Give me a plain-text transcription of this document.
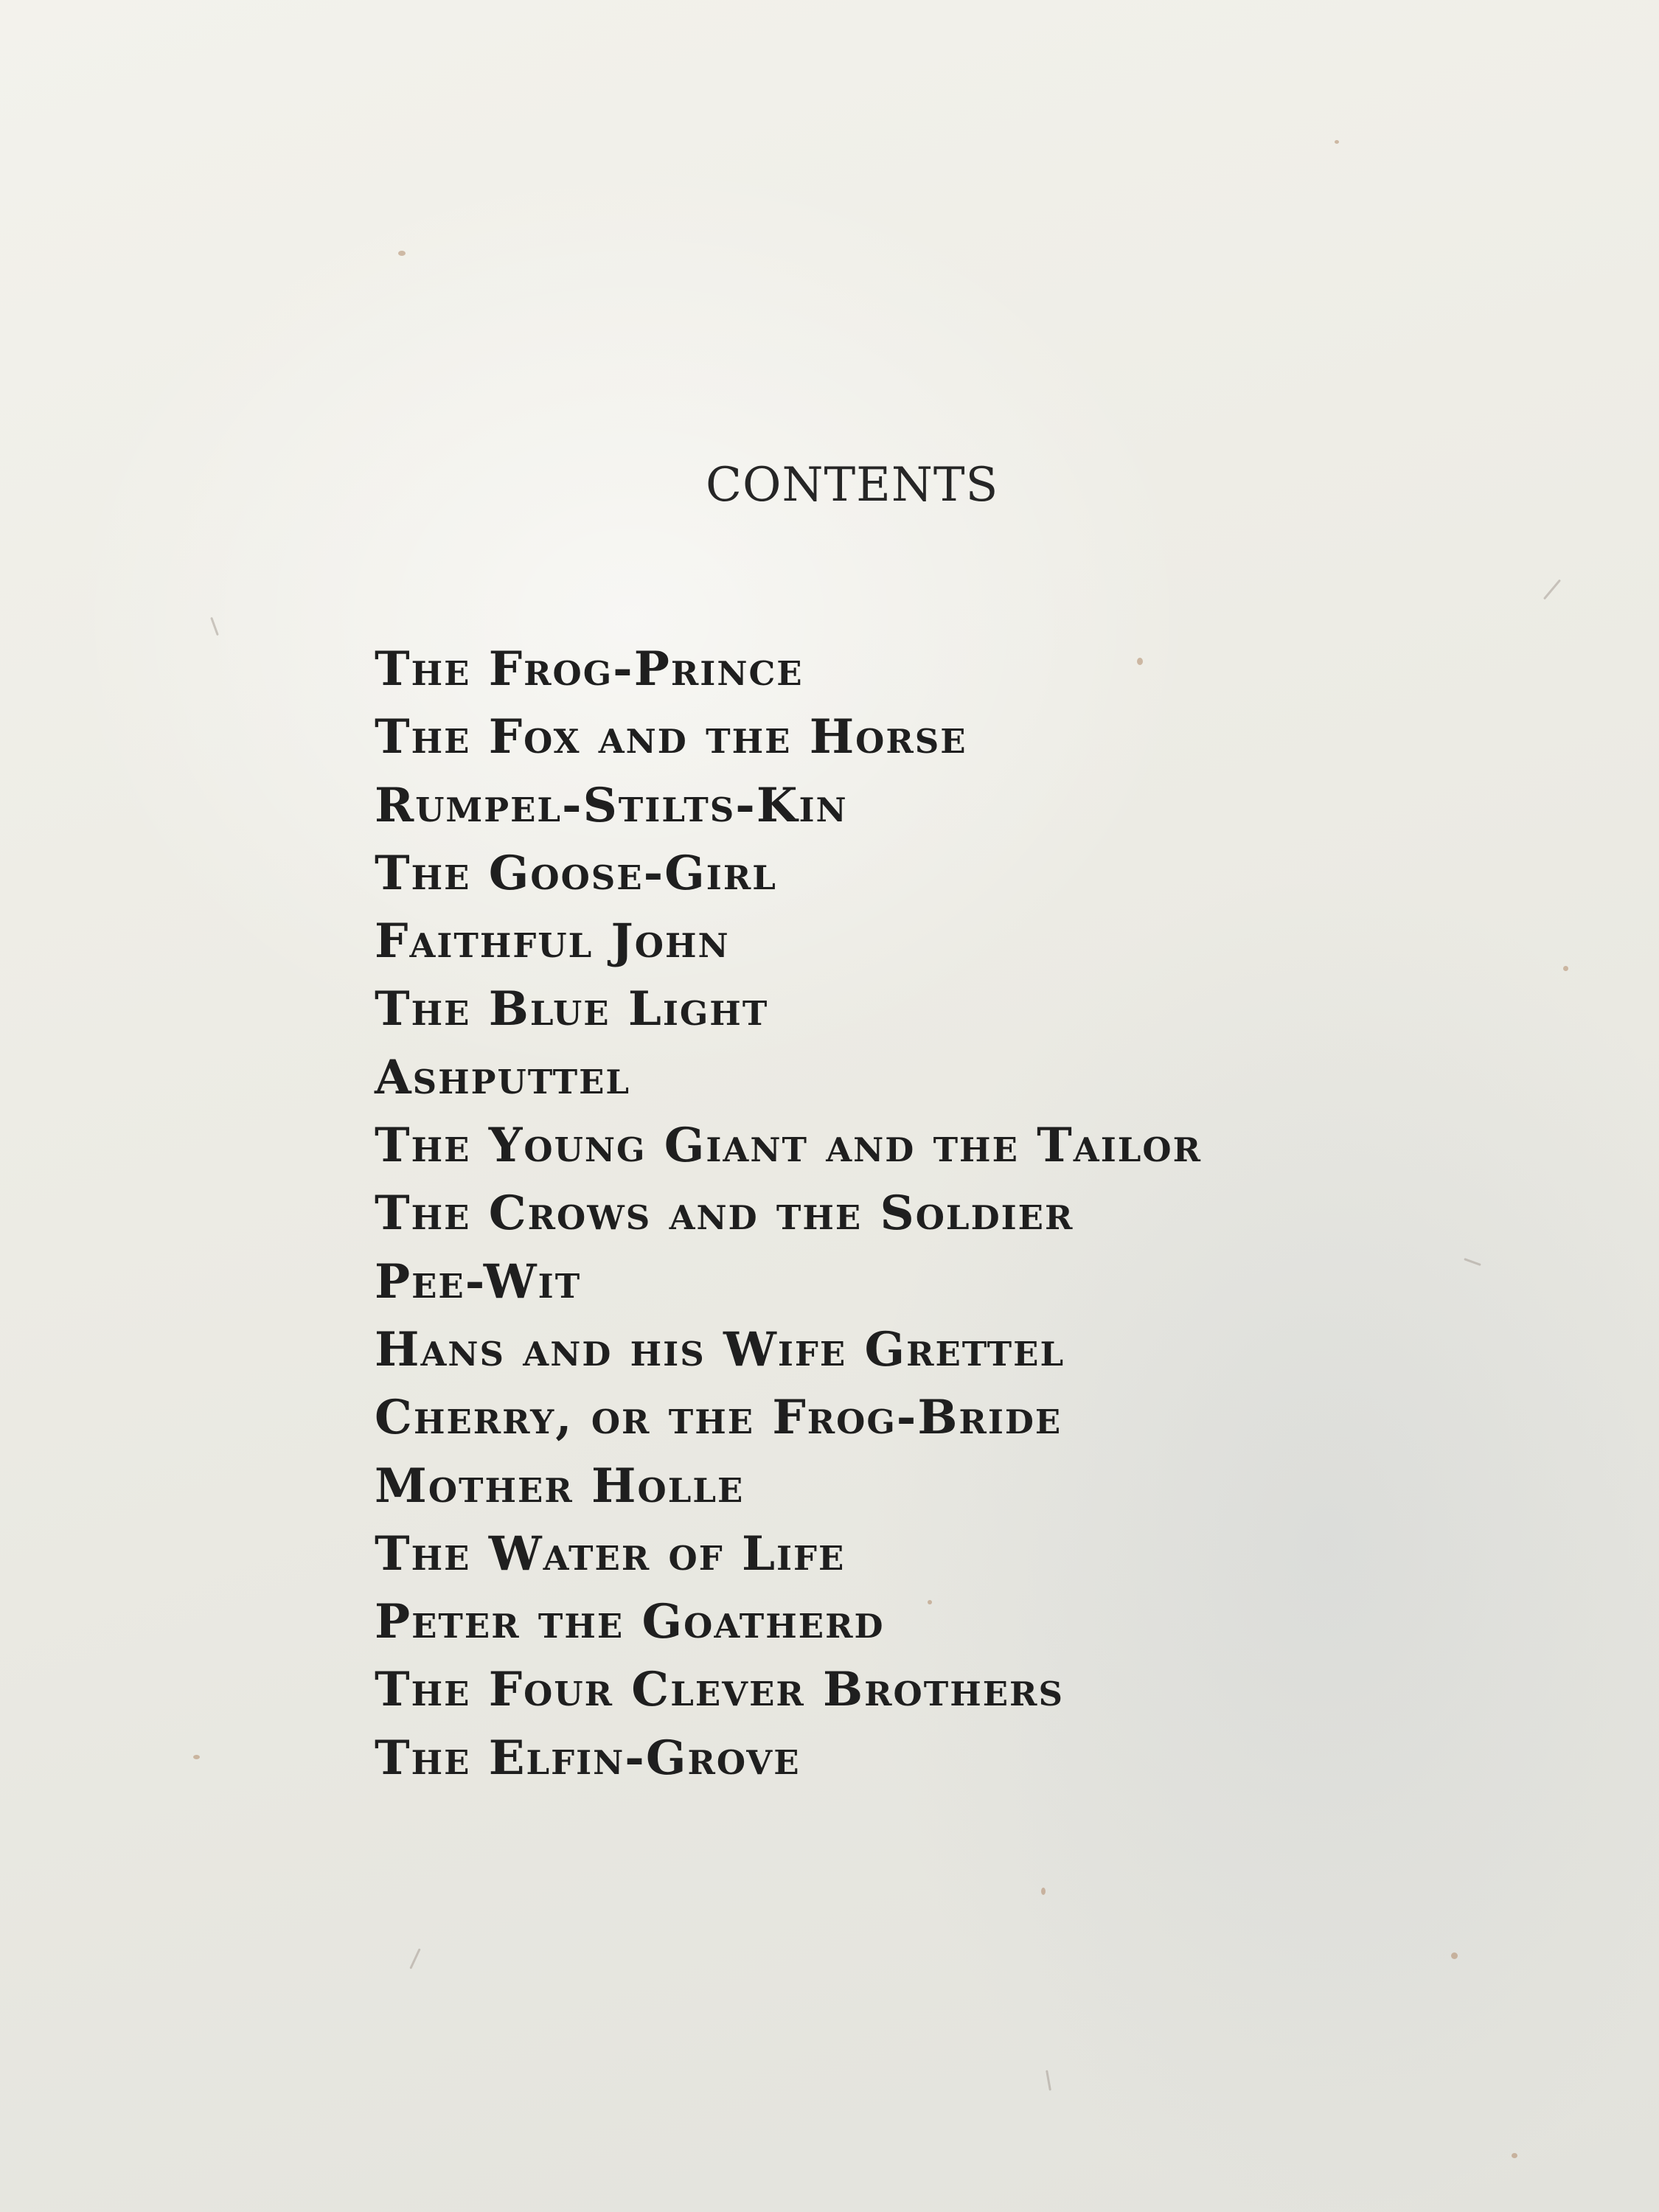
CONTENTS
The Frog-Prince
The Fox and the Horse
Rumpel-Stilts-Kin
The Goose-Girl
Faithful John
The Blue Light
Ashputtel
The Young Giant and the Tailor
The Crows and the Soldier
Pee-Wit
Hans and his Wife Grettel
Cherry, or the Frog-Bride
Mother Holle
The Water of Life
Peter the Goatherd
The Four Clever Brothers
The Elfin-Grove
